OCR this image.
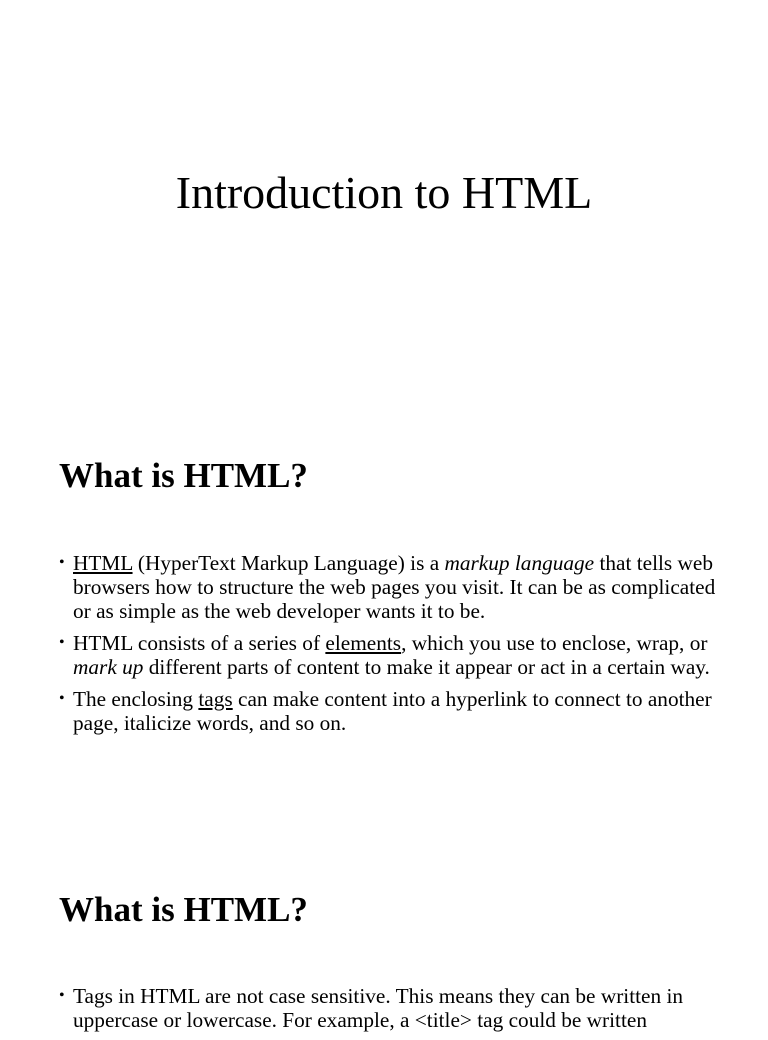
Introduction to HTML
What is HTML?
• HTML (HyperText Markup Language) is a markup language that tells web browsers how to structure the web pages you visit. It can be as complicated or as simple as the web developer wants it to be.
• HTML consists of a series of elements, which you use to enclose, wrap, or mark up different parts of content to make it appear or act in a certain way.
• The enclosing tags can make content into a hyperlink to connect to another page, italicize words, and so on.
What is HTML?
• Tags in HTML are not case sensitive. This means they can be written in uppercase or lowercase. For example, a <title> tag could be written
